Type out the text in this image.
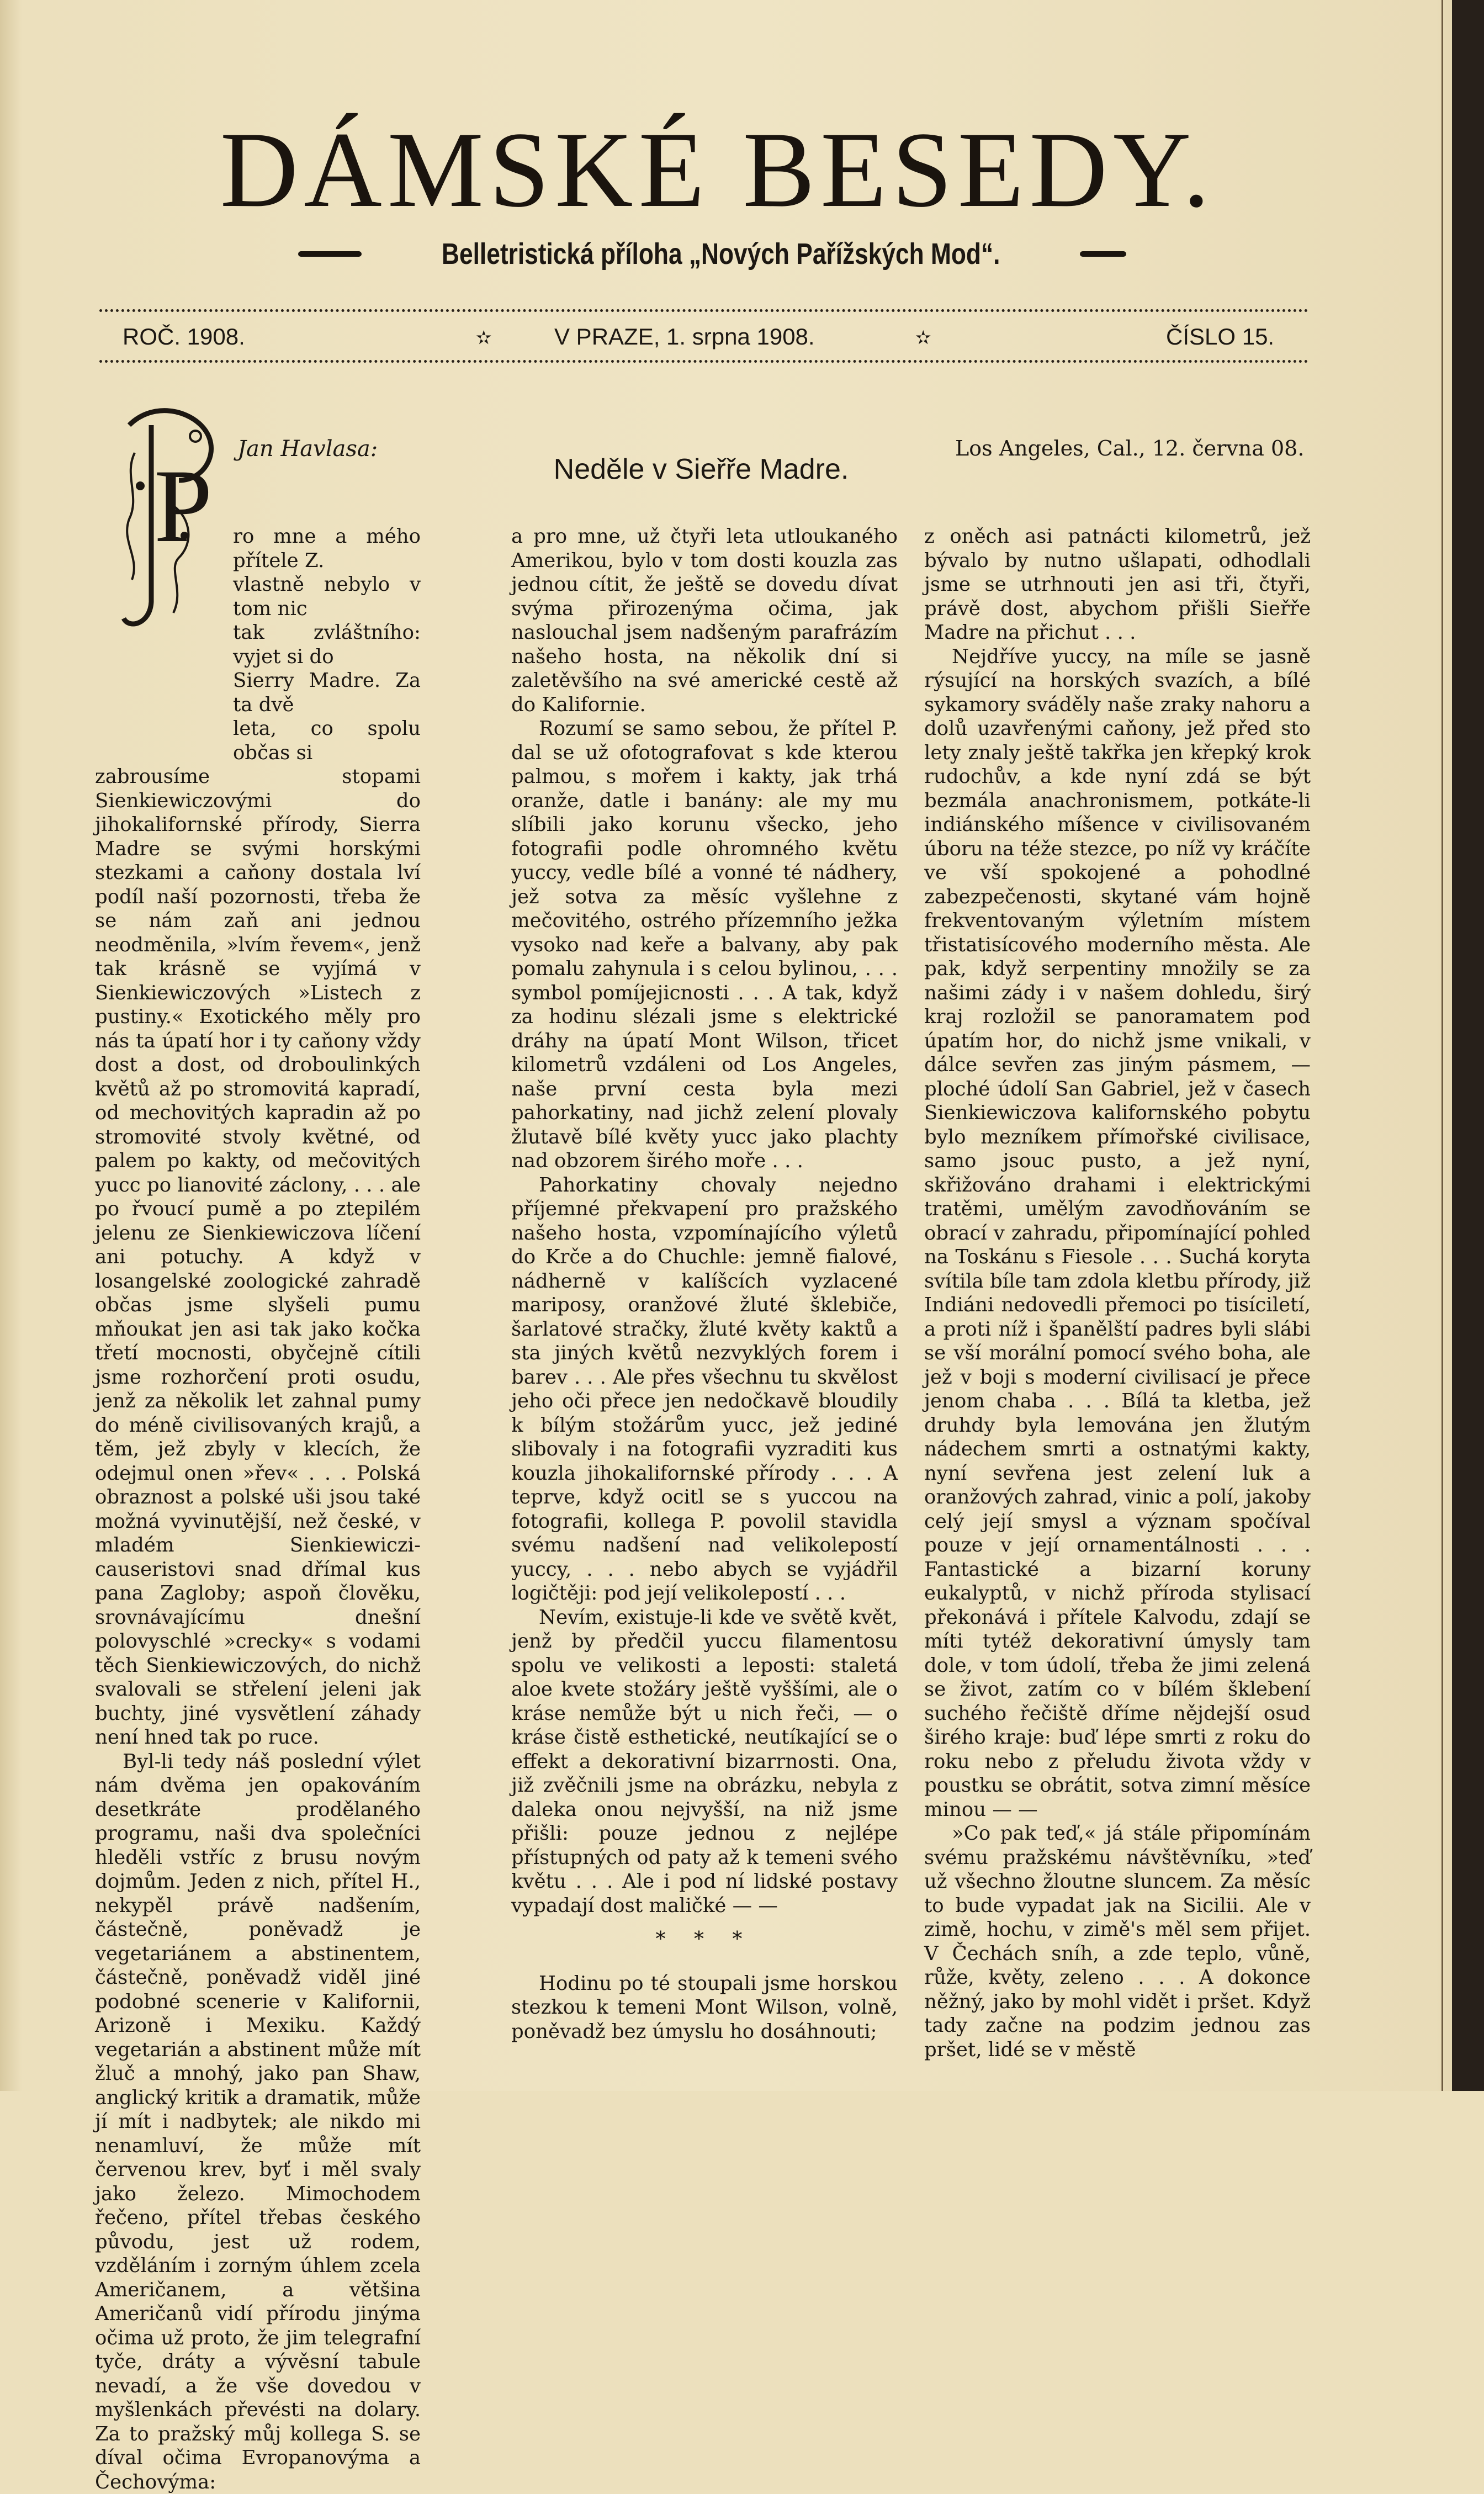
DÁMSKÉ BESEDY.
Belletristická příloha „Nových Pařížských Mod“.
ROČ. 1908.	✫	V PRAZE, 1. srpna 1908.	✫	ČÍSLO 15.
P Jan Havlasa:
Neděle v Sieřře Madre.
Los Angeles, Cal., 12. června 08.
ro mne a mého přítele Z.
vlastně nebylo v tom nic
tak zvláštního: vyjet si do
Sierry Madre. Za ta dvě
leta, co spolu občas si

zabrousíme stopami Sienkiewiczovými do jihokalifornské přírody, Sierra Madre se svými horskými stezkami a caňony dostala lví podíl naší pozornosti, třeba že se nám zaň ani jednou neodměnila, »lvím řevem«, jenž tak krásně se vyjímá v Sienkiewiczových »Listech z pustiny.« Exotického měly pro nás ta úpatí hor i ty caňony vždy dost a dost, od droboulinkých květů až po stromovitá kapradí, od mechovitých kapradin až po stromovité stvoly květné, od palem po kakty, od mečovitých yucc po lianovité záclony, . . . ale po řvoucí pumě a po ztepilém jelenu ze Sienkiewiczova líčení ani potuchy. A když v losangelské zoologické zahradě občas jsme slyšeli pumu mňoukat jen asi tak jako kočka třetí mocnosti, obyčejně cítili jsme rozhorčení proti osudu, jenž za několik let zahnal pumy do méně civilisovaných krajů, a těm, jež zbyly v klecích, že odejmul onen »řev« . . . Polská obraznost a polské uši jsou také možná vyvinutější, než české, v mladém Sienkiewiczi-causeristovi snad dřímal kus pana Zagloby; aspoň člověku, srovnávajícímu dnešní polovyschlé »crecky« s vodami těch Sienkiewiczových, do nichž svalovali se střelení jeleni jak buchty, jiné vysvětlení záhady není hned tak po ruce.

Byl-li tedy náš poslední výlet nám dvěma jen opakováním desetkráte prodělaného programu, naši dva společníci hleděli vstříc z brusu novým dojmům. Jeden z nich, přítel H., nekypěl právě nadšením, částečně, poněvadž je vegetariánem a abstinentem, částečně, poněvadž viděl jiné podobné scenerie v Kalifornii, Arizoně i Mexiku. Každý vegetarián a abstinent může mít žluč a mnohý, jako pan Shaw, anglický kritik a dramatik, může jí mít i nadbytek; ale nikdo mi nenamluví, že může mít červenou krev, byť i měl svaly jako železo. Mimochodem řečeno, přítel třebas českého původu, jest už rodem, vzděláním i zorným úhlem zcela Američanem, a většina Američanů vidí přírodu jinýma očima už proto, že jim telegrafní tyče, dráty a vývěsní tabule nevadí, a že vše dovedou v myšlenkách převésti na dolary. Za to pražský můj kollega S. se díval očima Evropanovýma a Čechovýma:

a pro mne, už čtyři leta utloukaného Amerikou, bylo v tom dosti kouzla zas jednou cítit, že ještě se dovedu dívat svýma přirozenýma očima, jak naslouchal jsem nadšeným parafrázím našeho hosta, na několik dní si zaletěvšího na své americké cestě až do Kalifornie.

Rozumí se samo sebou, že přítel P. dal se už ofotografovat s kde kterou palmou, s mořem i kakty, jak trhá oranže, datle i banány: ale my mu slíbili jako korunu všecko, jeho fotografii podle ohromného květu yuccy, vedle bílé a vonné té nádhery, jež sotva za měsíc vyšlehne z mečovitého, ostrého přízemního ježka vysoko nad keře a balvany, aby pak pomalu zahynula i s celou bylinou, . . . symbol pomíjejicnosti . . . A tak, když za hodinu slézali jsme s elektrické dráhy na úpatí Mont Wilson, třicet kilometrů vzdáleni od Los Angeles, naše první cesta byla mezi pahorkatiny, nad jichž zelení plovaly žlutavě bílé květy yucc jako plachty nad obzorem širého moře . . .

Pahorkatiny chovaly nejedno příjemné překvapení pro pražského našeho hosta, vzpomínajícího výletů do Krče a do Chuchle: jemně fialové, nádherně v kalíšcích vyzlacené mariposy, oranžové žluté šklebiče, šarlatové stračky, žluté květy kaktů a sta jiných květů nezvyklých forem i barev . . . Ale přes všechnu tu skvělost jeho oči přece jen nedočkavě bloudily k bílým stožárům yucc, jež jediné slibovaly i na fotografii vyzraditi kus kouzla jihokalifornské přírody . . . A teprve, když ocitl se s yuccou na fotografii, kollega P. povolil stavidla svému nadšení nad velikolepostí yuccy, . . . nebo abych se vyjádřil logičtěji: pod její velikolepostí . . .

Nevím, existuje-li kde ve světě květ, jenž by předčil yuccu filamentosu spolu ve velikosti a leposti: staletá aloe kvete stožáry ještě vyššími, ale o kráse nemůže být u nich řeči, — o kráse čistě esthetické, neutíkající se o effekt a dekorativní bizarrnosti. Ona, již zvěčnili jsme na obrázku, nebyla z daleka onou nejvyšší, na niž jsme přišli: pouze jednou z nejlépe přístupných od paty až k temeni svého květu . . . Ale i pod ní lidské postavy vypadají dost maličké — —

* * *

Hodinu po té stoupali jsme horskou stezkou k temeni Mont Wilson, volně, poněvadž bez úmyslu ho dosáhnouti;

z oněch asi patnácti kilometrů, jež bývalo by nutno ušlapati, odhodlali jsme se utrhnouti jen asi tři, čtyři, právě dost, abychom přišli Sieřře Madre na přichut . . .

Nejdříve yuccy, na míle se jasně rýsující na horských svazích, a bílé sykamory sváděly naše zraky nahoru a dolů uzavřenými caňony, jež před sto lety znaly ještě takřka jen křepký krok rudochův, a kde nyní zdá se být bezmála anachronismem, potkáte-li indiánského míšence v civilisovaném úboru na téže stezce, po níž vy kráčíte ve vší spokojené a pohodlné zabezpečenosti, skytané vám hojně frekventovaným výletním místem třistatisícového moderního města. Ale pak, když serpentiny množily se za našimi zády i v našem dohledu, širý kraj rozložil se panoramatem pod úpatím hor, do nichž jsme vnikali, v dálce sevřen zas jiným pásmem, — ploché údolí San Gabriel, jež v časech Sienkiewiczova kalifornského pobytu bylo mezníkem přímořské civilisace, samo jsouc pusto, a jež nyní, skřižováno drahami i elektrickými tratěmi, umělým zavodňováním se obrací v zahradu, připomínající pohled na Toskánu s Fiesole . . . Suchá koryta svítila bíle tam zdola kletbu přírody, již Indiáni nedovedli přemoci po tisíciletí, a proti níž i španělští padres byli slábi se vší morální pomocí svého boha, ale jež v boji s moderní civilisací je přece jenom chaba . . . Bílá ta kletba, jež druhdy byla lemována jen žlutým nádechem smrti a ostnatými kakty, nyní sevřena jest zelení luk a oranžových zahrad, vinic a polí, jakoby celý její smysl a význam spočíval pouze v její ornamentálnosti . . . Fantastické a bizarní koruny eukalyptů, v nichž příroda stylisací překonává i přítele Kalvodu, zdají se míti tytéž dekorativní úmysly tam dole, v tom údolí, třeba že jimi zelená se život, zatím co v bílém šklebení suchého řečiště dříme nějdejší osud širého kraje: buď lépe smrti z roku do roku nebo z přeludu života vždy v poustku se obrátit, sotva zimní měsíce minou — —

»Co pak teď,« já stále připomínám svému pražskému návštěvníku, »teď už všechno žloutne sluncem. Za měsíc to bude vypadat jak na Sicilii. Ale v zimě, hochu, v zimě's měl sem přijet. V Čechách sníh, a zde teplo, vůně, růže, květy, zeleno . . . A dokonce něžný, jako by mohl vidět i pršet. Když tady začne na podzim jednou zas pršet, lidé se v městě
